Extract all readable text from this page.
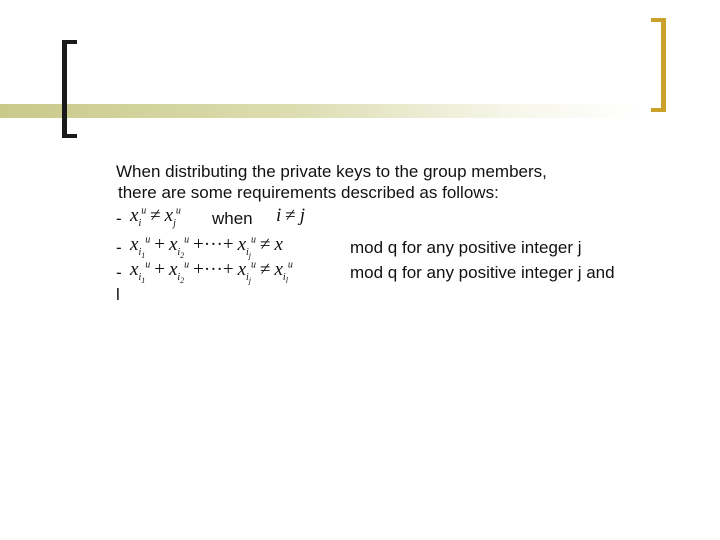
When distributing the private keys to the group members,
there are some requirements described as follows:
- $x_i^u \ne x_j^u$ when i ≠ j
- $x_{i_1}^u + x_{i_2}^u$ +···+ $x_{i_j}^u \ne x$	mod q for any positive integer j
- $x_{i_1}^u + x_{i_2}^u$ +···+ $x_{i_j}^u \ne x_{i_l}^u$	mod q for any positive integer j and
l
